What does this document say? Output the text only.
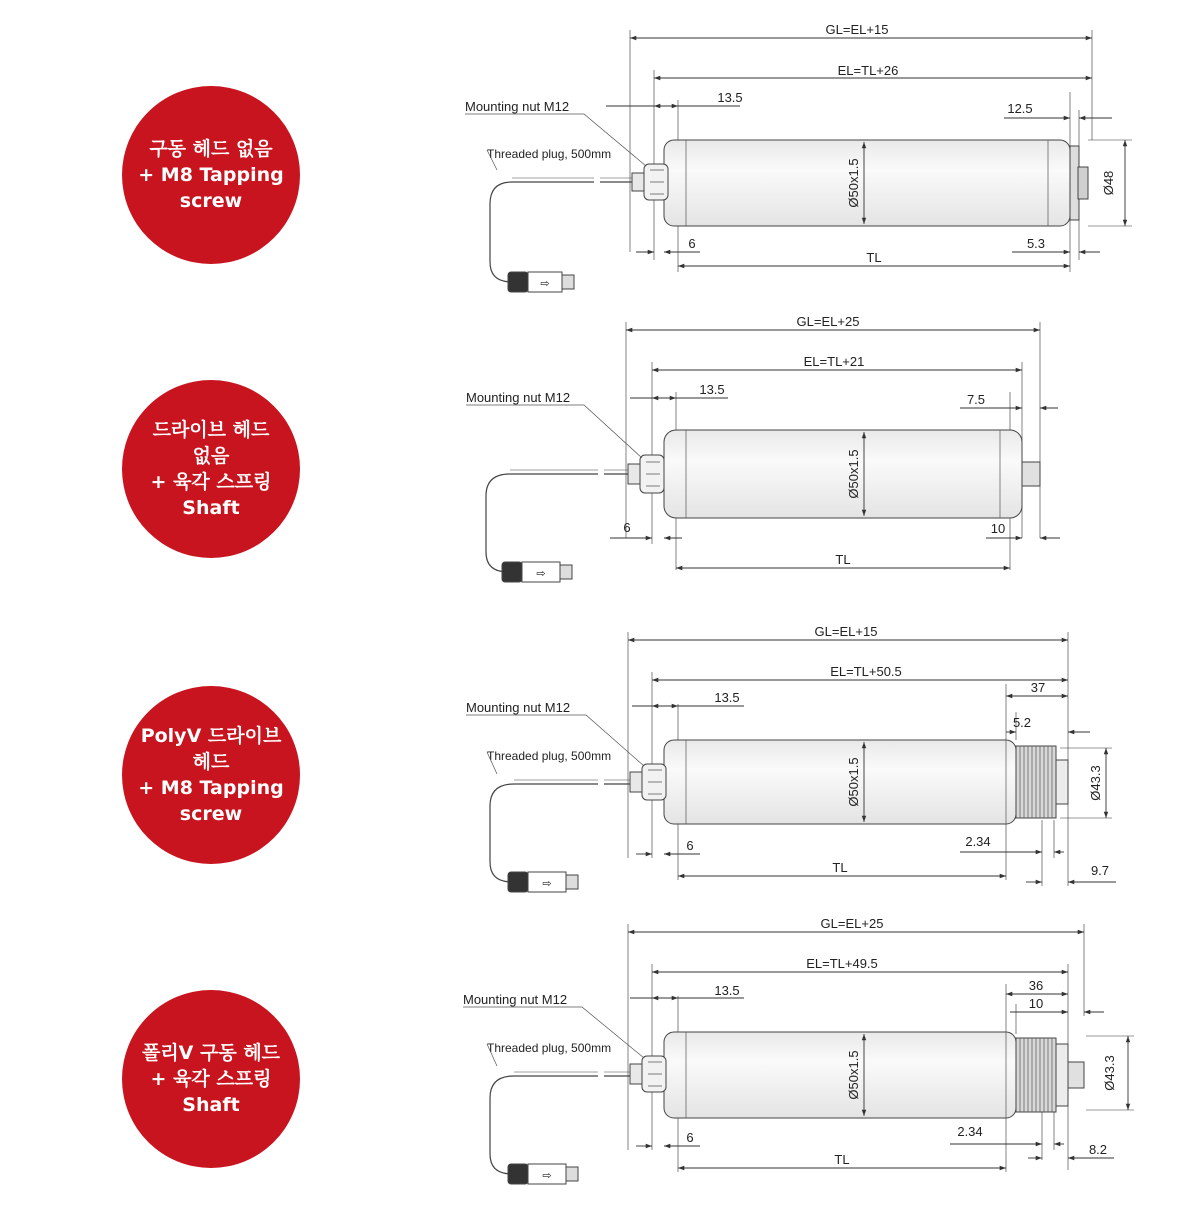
구동 헤드 없음
+ M8 Tapping
screw
드라이브 헤드
없음
+ 육각 스프링
Shaft
PolyV 드라이브
헤드
+ M8 Tapping
screw
폴리V 구동 헤드
+ 육각 스프링
Shaft
GL=EL+15
EL=TL+26
13.5
12.5
Ø50x1.5	Ø48
6	5.3
TL
Mounting nut M12
Threaded plug, 500mm
⇨
GL=EL+25
EL=TL+21
13.5
7.5
Ø50x1.5
6	10
TL
Mounting nut M12
⇨
GL=EL+15
EL=TL+50.5
13.5
37
5.2
Ø50x1.5	Ø43.3
6	2.34
TL	9.7
Mounting nut M12
Threaded plug, 500mm
⇨
GL=EL+25
EL=TL+49.5
13.5	36
10
Ø50x1.5	Ø43.3
6	2.34
TL
8.2
Mounting nut M12
Threaded plug, 500mm
⇨
